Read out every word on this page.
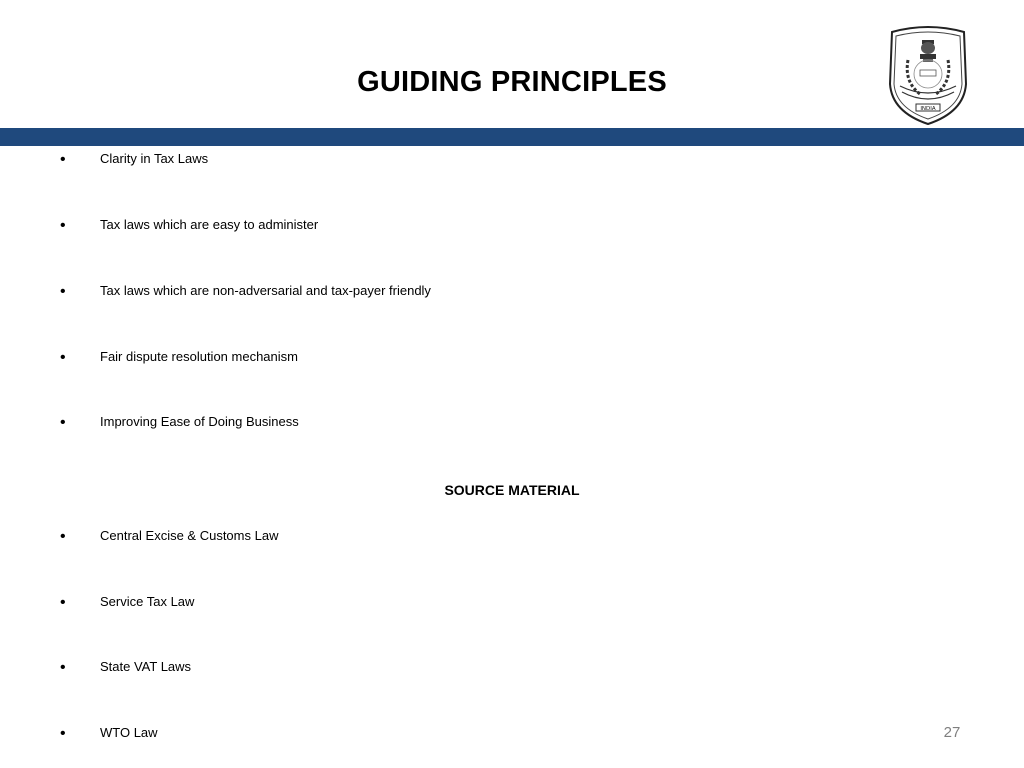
GUIDING PRINCIPLES
INDIA
•	Clarity in Tax Laws
•	Tax laws which are easy to administer
•	Tax laws which are non-adversarial and tax-payer friendly
•	Fair dispute resolution mechanism
•	Improving Ease of Doing Business
SOURCE MATERIAL
•	Central Excise & Customs Law
•	Service Tax Law
•	State VAT Laws
•	WTO Law	27
